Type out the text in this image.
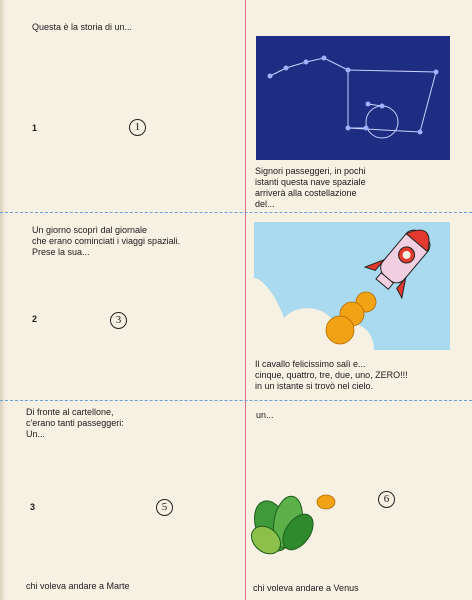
Questa è la storia di un...
1	1
Signori passeggeri, in pochi
istanti questa nave spaziale
arriverà alla costellazione
del...
Un giorno scoprì dal giornale
che erano cominciati i viaggi spaziali.
Prese la sua...
2	3
Il cavallo felicissimo salì e...
cinque, quattro, tre, due, uno, ZERO!!!
in un istante si trovò nel cielo.
Di fronte al cartellone,
c'erano tanti passeggeri:
Un...
3	5
chi voleva andare a Marte
un...
6
chi voleva andare a Venus
